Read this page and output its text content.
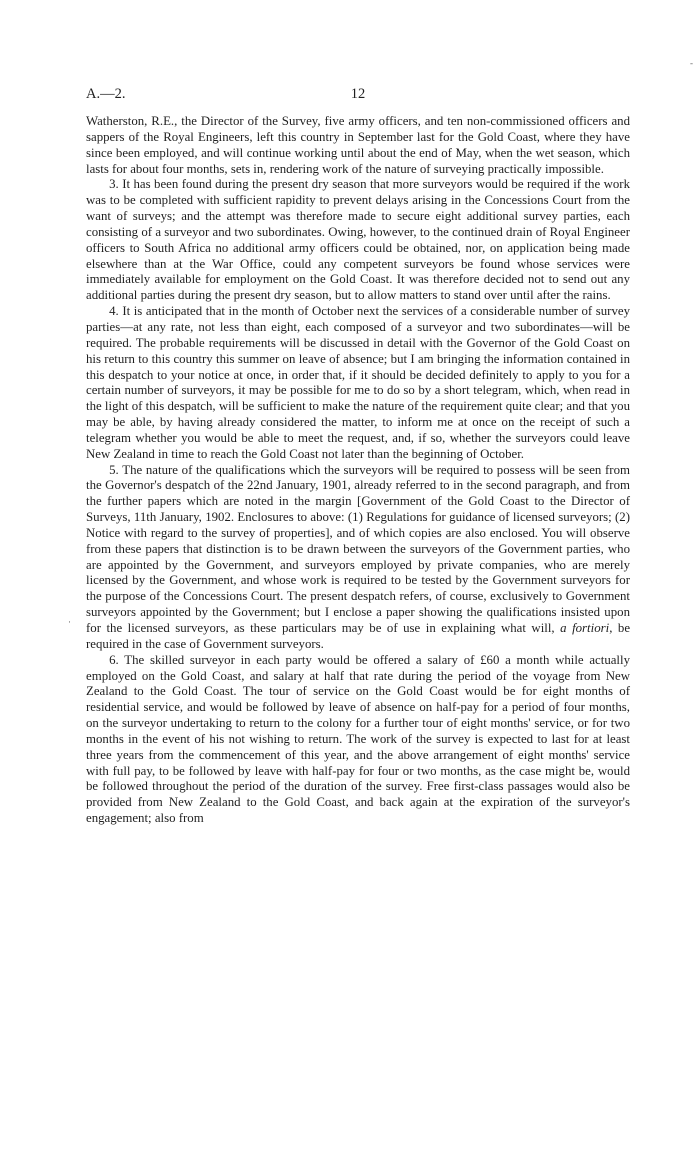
A.—2.	12
-
·

Watherston, R.E., the Director of the Survey, five army officers, and ten non-commissioned officers and sappers of the Royal Engineers, left this country in September last for the Gold Coast, where they have since been employed, and will continue working until about the end of May, when the wet season, which lasts for about four months, sets in, rendering work of the nature of surveying practically impossible.

3. It has been found during the present dry season that more surveyors would be required if the work was to be completed with sufficient rapidity to prevent delays arising in the Concessions Court from the want of surveys; and the attempt was therefore made to secure eight additional survey parties, each consisting of a surveyor and two subordinates. Owing, however, to the continued drain of Royal Engineer officers to South Africa no additional army officers could be obtained, nor, on application being made elsewhere than at the War Office, could any competent surveyors be found whose services were immediately available for employment on the Gold Coast. It was therefore decided not to send out any additional parties during the present dry season, but to allow matters to stand over until after the rains.

4. It is anticipated that in the month of October next the services of a considerable number of survey parties—at any rate, not less than eight, each composed of a surveyor and two subordinates—will be required. The probable requirements will be discussed in detail with the Governor of the Gold Coast on his return to this country this summer on leave of absence; but I am bringing the information contained in this despatch to your notice at once, in order that, if it should be decided definitely to apply to you for a certain number of surveyors, it may be possible for me to do so by a short telegram, which, when read in the light of this despatch, will be sufficient to make the nature of the requirement quite clear; and that you may be able, by having already considered the matter, to inform me at once on the receipt of such a telegram whether you would be able to meet the request, and, if so, whether the surveyors could leave New Zealand in time to reach the Gold Coast not later than the beginning of October.

5. The nature of the qualifications which the surveyors will be required to possess will be seen from the Governor's despatch of the 22nd January, 1901, already referred to in the second paragraph, and from the further papers which are noted in the margin [Government of the Gold Coast to the Director of Surveys, 11th January, 1902. Enclosures to above: (1) Regulations for guidance of licensed surveyors; (2) Notice with regard to the survey of properties], and of which copies are also enclosed. You will observe from these papers that distinction is to be drawn between the surveyors of the Government parties, who are appointed by the Government, and surveyors employed by private companies, who are merely licensed by the Government, and whose work is required to be tested by the Government surveyors for the purpose of the Concessions Court. The present despatch refers, of course, exclusively to Government surveyors appointed by the Government; but I enclose a paper showing the qualifications insisted upon for the licensed surveyors, as these particulars may be of use in explaining what will, a fortiori, be required in the case of Government surveyors.

6. The skilled surveyor in each party would be offered a salary of £60 a month while actually employed on the Gold Coast, and salary at half that rate during the period of the voyage from New Zealand to the Gold Coast. The tour of service on the Gold Coast would be for eight months of residential service, and would be followed by leave of absence on half-pay for a period of four months, on the surveyor undertaking to return to the colony for a further tour of eight months' service, or for two months in the event of his not wishing to return. The work of the survey is expected to last for at least three years from the commencement of this year, and the above arrangement of eight months' service with full pay, to be followed by leave with half-pay for four or two months, as the case might be, would be followed throughout the period of the duration of the survey. Free first-class passages would also be provided from New Zealand to the Gold Coast, and back again at the expiration of the surveyor's engagement; also from
